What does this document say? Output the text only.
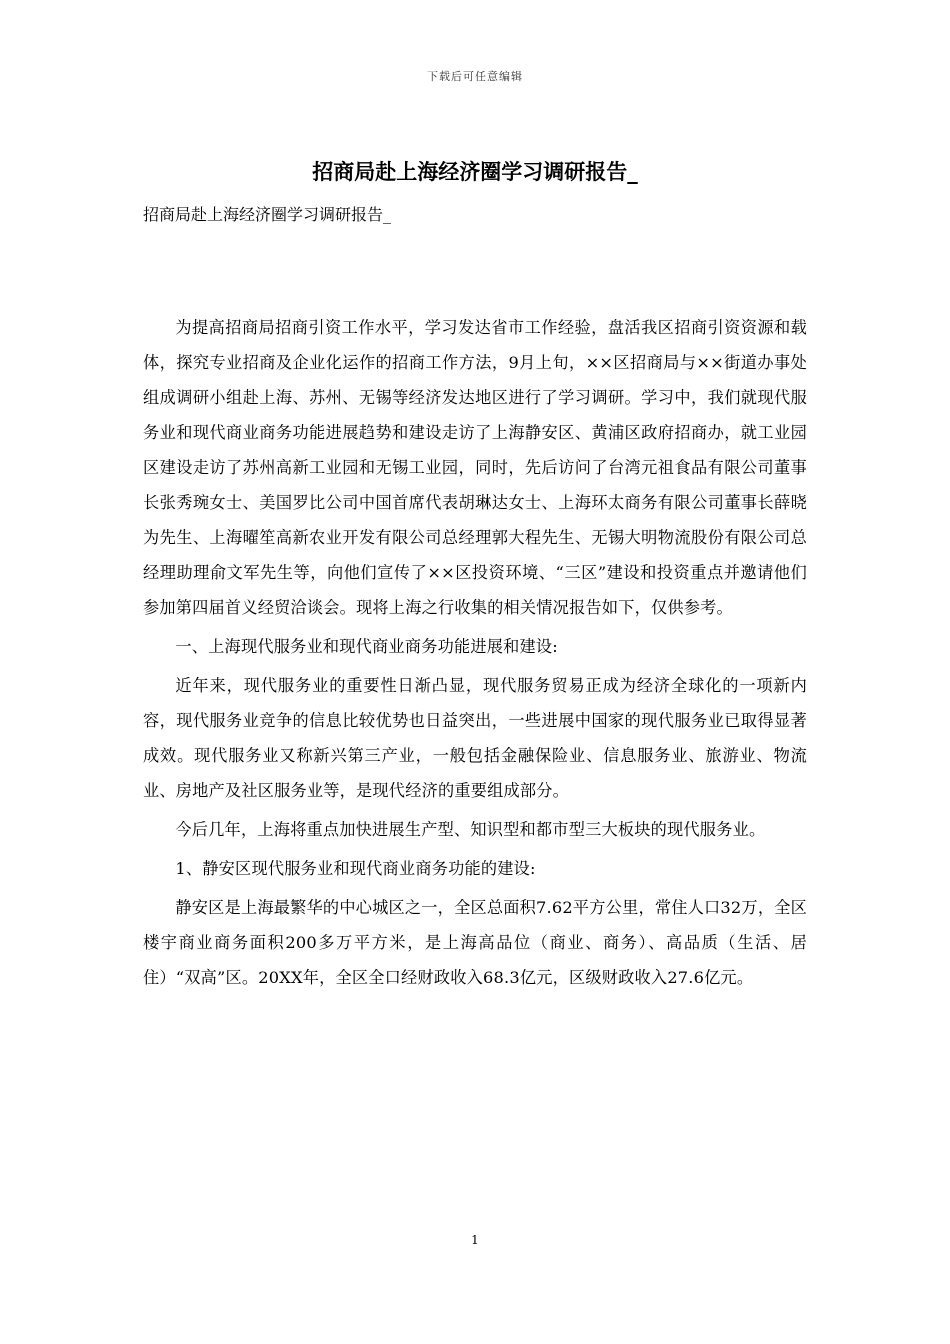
下载后可任意编辑
招商局赴上海经济圈学习调研报告_

招商局赴上海经济圈学习调研报告_

为提高招商局招商引资工作水平，学习发达省市工作经验，盘活我区招商引资资源和载体，探究专业招商及企业化运作的招商工作方法，9月上旬，××区招商局与××街道办事处组成调研小组赴上海、苏州、无锡等经济发达地区进行了学习调研。学习中，我们就现代服务业和现代商业商务功能进展趋势和建设走访了上海静安区、黄浦区政府招商办，就工业园区建设走访了苏州高新工业园和无锡工业园，同时，先后访问了台湾元祖食品有限公司董事长张秀琬女士、美国罗比公司中国首席代表胡琳达女士、上海环太商务有限公司董事长薛晓为先生、上海曜笙高新农业开发有限公司总经理郭大程先生、无锡大明物流股份有限公司总经理助理俞文军先生等，向他们宣传了××区投资环境、“三区”建设和投资重点并邀请他们参加第四届首义经贸洽谈会。现将上海之行收集的相关情况报告如下，仅供参考。

一、上海现代服务业和现代商业商务功能进展和建设:

近年来，现代服务业的重要性日渐凸显，现代服务贸易正成为经济全球化的一项新内容，现代服务业竞争的信息比较优势也日益突出，一些进展中国家的现代服务业已取得显著成效。现代服务业又称新兴第三产业，一般包括金融保险业、信息服务业、旅游业、物流业、房地产及社区服务业等，是现代经济的重要组成部分。

今后几年，上海将重点加快进展生产型、知识型和都市型三大板块的现代服务业。

1、静安区现代服务业和现代商业商务功能的建设:

静安区是上海最繁华的中心城区之一，全区总面积7.62平方公里，常住人口32万，全区楼宇商业商务面积200多万平方米，是上海高品位（商业、商务）、高品质（生活、居住）“双高”区。20XX年，全区全口经财政收入68.3亿元，区级财政收入27.6亿元。

1
